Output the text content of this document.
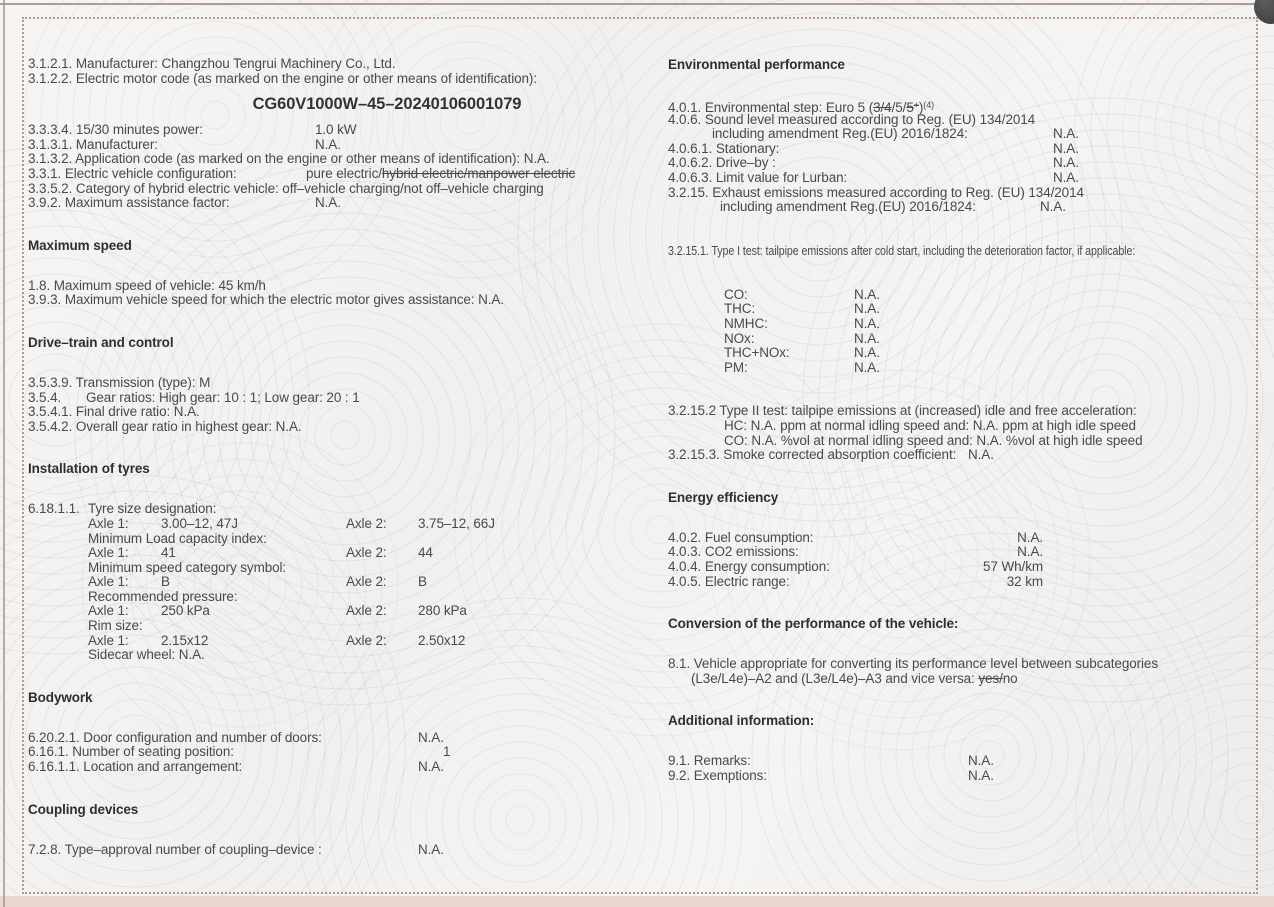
3.1.2.1. Manufacturer: Changzhou Tengrui Machinery Co., Ltd.
3.1.2.2. Electric motor code (as marked on the engine or other means of identification):
CG60V1000W–45–20240106001079
3.3.3.4. 15/30 minutes power:	1.0 kW
3.1.3.1. Manufacturer:	N.A.
3.1.3.2. Application code (as marked on the engine or other means of identification): N.A.
3.3.1. Electric vehicle configuration:	pure electric/hybrid electric/manpower electric
3.3.5.2. Category of hybrid electric vehicle: off–vehicle charging/not off–vehicle charging
3.9.2. Maximum assistance factor:	N.A.
Maximum speed
1.8. Maximum speed of vehicle: 45 km/h
3.9.3. Maximum vehicle speed for which the electric motor gives assistance: N.A.
Drive–train and control
3.5.3.9. Transmission (type): M
3.5.4. Gear ratios: High gear: 10 : 1; Low gear: 20 : 1
3.5.4.1. Final drive ratio: N.A.
3.5.4.2. Overall gear ratio in highest gear: N.A.
Installation of tyres
6.18.1.1. Tyre size designation:
Axle 1: 3.00–12, 47J	Axle 2: 3.75–12, 66J
Minimum Load capacity index:
Axle 1: 41	Axle 2: 44
Minimum speed category symbol:
Axle 1: B	Axle 2: B
Recommended pressure:
Axle 1: 250 kPa	Axle 2: 280 kPa
Rim size:
Axle 1: 2.15x12	Axle 2: 2.50x12
Sidecar wheel: N.A.
Bodywork
6.20.2.1. Door configuration and number of doors:	N.A.
6.16.1. Number of seating position:	1
6.16.1.1. Location and arrangement:	N.A.
Coupling devices
7.2.8. Type–approval number of coupling–device :	N.A.
Environmental performance
4.0.1. Environmental step: Euro 5 $(3/4/5/5^+)^{(4)}$
4.0.6. Sound level measured according to Reg. (EU) 134/2014
including amendment Reg.(EU) 2016/1824:	N.A.
4.0.6.1. Stationary:	N.A.
4.0.6.2. Drive–by :	N.A.
4.0.6.3. Limit value for Lurban:	N.A.
3.2.15. Exhaust emissions measured according to Reg. (EU) 134/2014
including amendment Reg.(EU) 2016/1824:	N.A.
3.2.15.1. Type I test: tailpipe emissions after cold start, including the deterioration factor, if applicable:
CO:	N.A.
THC:	N.A.
NMHC:	N.A.
NOx:	N.A.
THC+NOx:	N.A.
PM:	N.A.
3.2.15.2 Type II test: tailpipe emissions at (increased) idle and free acceleration:
HC: N.A. ppm at normal idling speed and: N.A. ppm at high idle speed
CO: N.A. %vol at normal idling speed and: N.A. %vol at high idle speed
3.2.15.3. Smoke corrected absorption coefficient: N.A.
Energy efficiency
4.0.2. Fuel consumption:	N.A.
4.0.3. CO2 emissions:	N.A.
4.0.4. Energy consumption:	57 Wh/km
4.0.5. Electric range:	32 km
Conversion of the performance of the vehicle:
8.1. Vehicle appropriate for converting its performance level between subcategories
(L3e/L4e)–A2 and (L3e/L4e)–A3 and vice versa: yes/no
Additional information:
9.1. Remarks:	N.A.
9.2. Exemptions:	N.A.
